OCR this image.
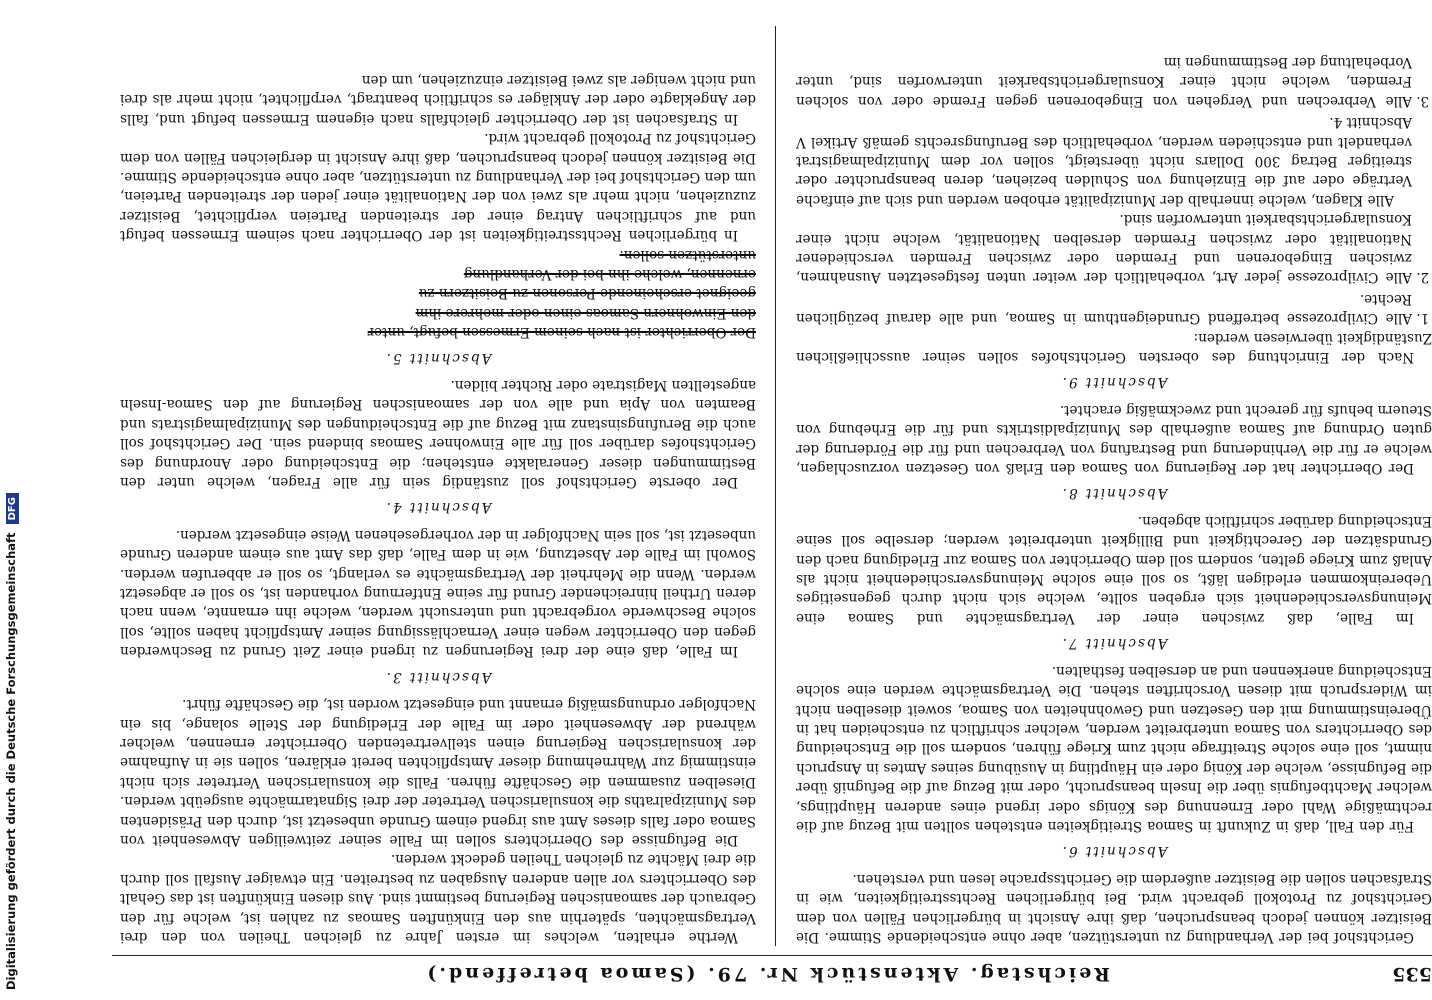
535
Reichstag. Aktenstück Nr. 79. (Samoa betreffend.)

Gerichtshof bei der Verhandlung zu unterstützen, aber ohne entscheidende Stimme. Die Beisitzer können jedoch beanspruchen, daß ihre Ansicht in bürgerlichen Fällen von dem Gerichtshof zu Protokoll gebracht wird. Bei bürgerlichen Rechtsstreitigkeiten, wie in Strafsachen sollen die Beisitzer außerdem die Gerichtssprache lesen und verstehen.

Abschnitt 6.

Für den Fall, daß in Zukunft in Samoa Streitigkeiten entstehen sollten mit Bezug auf die rechtmäßige Wahl oder Ernennung des Königs oder irgend eines anderen Häuptlings, welcher Machtbefugnis über die Inseln beansprucht, oder mit Bezug auf die Befugniß über die Befugnisse, welche der König oder ein Häuptling in Ausübung seines Amtes in Anspruch nimmt, soll eine solche Streitfrage nicht zum Kriege führen, sondern soll die Entscheidung des Oberrichters von Samoa unterbreitet werden, welcher schriftlich zu entscheiden hat in Übereinstimmung mit den Gesetzen und Gewohnheiten von Samoa, soweit dieselben nicht im Widerspruch mit diesen Vorschriften stehen. Die Vertragsmächte werden eine solche Entscheidung anerkennen und an derselben festhalten.

Abschnitt 7.

Im Falle, daß zwischen einer der Vertragsmächte und Samoa eine Meinungsverschiedenheit sich ergeben sollte, welche sich nicht durch gegenseitiges Uebereinkommen erledigen läßt, so soll eine solche Meinungsverschiedenheit nicht als Anlaß zum Kriege gelten, sondern soll dem Oberrichter von Samoa zur Erledigung nach den Grundsätzen der Gerechtigkeit und Billigkeit unterbreitet werden; derselbe soll seine Entscheidung darüber schriftlich abgeben.

Abschnitt 8.

Der Oberrichter hat der Regierung von Samoa den Erlaß von Gesetzen vorzuschlagen, welche er für die Verhinderung und Bestrafung von Verbrechen und für die Förderung der guten Ordnung auf Samoa außerhalb des Munizipaldistrikts und für die Erhebung von Steuern behufs für gerecht und zweckmäßig erachtet.

Abschnitt 9.

Nach der Einrichtung des obersten Gerichtshofes sollen seiner ausschließlichen Zuständigkeit überwiesen werden:

1. Alle Civilprozesse betreffend Grundeigenthum in Samoa, und alle darauf bezüglichen Rechte.
2. Alle Civilprozesse jeder Art, vorbehaltlich der weiter unten festgesetzten Ausnahmen, zwischen Eingeborenen und Fremden oder zwischen Fremden verschiedener Nationalität oder zwischen Fremden derselben Nationalität, welche nicht einer Konsulargerichtsbarkeit unterworfen sind.

Alle Klagen, welche innerhalb der Munizipalität erhoben werden und sich auf einfache Verträge oder auf die Einziehung von Schulden beziehen, deren beanspruchter oder streitiger Betrag 300 Dollars nicht übersteigt, sollen vor dem Munizipalmagistrat verhandelt und entschieden werden, vorbehaltlich des Berufungsrechts gemäß Artikel V Abschnitt 4.

3. Alle Verbrechen und Vergehen von Eingeborenen gegen Fremde oder von solchen Fremden, welche nicht einer Konsulargerichtsbarkeit unterworfen sind, unter Vorbehaltung der Bestimmungen im

Werthe erhalten, welches im ersten Jahre zu gleichen Theilen von den drei Vertragsmächten, späterhin aus den Einkünften Samoas zu zahlen ist, welche für den Gebrauch der samoanischen Regierung bestimmt sind. Aus diesen Einkünften ist das Gehalt des Oberrichters vor allen anderen Ausgaben zu bestreiten. Ein etwaiger Ausfall soll durch die drei Mächte zu gleichen Theilen gedeckt werden.

Die Befugnisse des Oberrichters sollen im Falle seiner zeitweiligen Abwesenheit von Samoa oder falls dieses Amt aus irgend einem Grunde unbesetzt ist, durch den Präsidenten des Munizipalraths die konsularischen Vertreter der drei Signatarmächte ausgeübt werden. Dieselben zusammen die Geschäfte führen. Falls die konsularischen Vertreter sich nicht einstimmig zur Wahrnehmung dieser Amtspflichten bereit erklären, sollen sie in Aufnahme der konsularischen Regierung einen stellvertretenden Oberrichter ernennen, welcher während der Abwesenheit oder im Falle der Erledigung der Stelle solange, bis ein Nachfolger ordnungsmäßig ernannt und eingesetzt worden ist, die Geschäfte führt.

Abschnitt 3.

Im Falle, daß eine der drei Regierungen zu irgend einer Zeit Grund zu Beschwerden gegen den Oberrichter wegen einer Vernachlässigung seiner Amtspflicht haben sollte, soll solche Beschwerde vorgebracht und untersucht werden, welche ihn ernannte, wenn nach deren Urtheil hinreichender Grund für seine Entfernung vorhanden ist, so soll er abgesetzt werden. Wenn die Mehrheit der Vertragsmächte es verlangt, so soll er abberufen werden. Sowohl im Falle der Absetzung, wie in dem Falle, daß das Amt aus einem anderen Grunde unbesetzt ist, soll sein Nachfolger in der vorhergesehenen Weise eingesetzt werden.

Abschnitt 4.

Der oberste Gerichtshof soll zuständig sein für alle Fragen, welche unter den Bestimmungen dieser Generalakte entstehen; die Entscheidung oder Anordnung des Gerichtshofes darüber soll für alle Einwohner Samoas bindend sein. Der Gerichtshof soll auch die Berufungsinstanz mit Bezug auf die Entscheidungen des Munizipalmagistrats und Beamten von Apia und alle von der samoanischen Regierung auf den Samoa-Inseln angestellten Magistrate oder Richter bilden.

Abschnitt 5.

Der Oberrichter ist nach seinem Ermessen befugt, unter
den Einwohnern Samoas einen oder mehrere ihm
geeignet erscheinende Personen zu Beisitzern zu
ernennen, welche ihn bei der Verhandlung
unterstützen sollen.

In bürgerlichen Rechtsstreitigkeiten ist der Oberrichter nach seinem Ermessen befugt und auf schriftlichen Antrag einer der streitenden Parteien verpflichtet, Beisitzer zuzuziehen, nicht mehr als zwei von der Nationalität einer jeden der streitenden Parteien, um den Gerichtshof bei der Verhandlung zu unterstützen, aber ohne entscheidende Stimme. Die Beisitzer können jedoch beanspruchen, daß ihre Ansicht in dergleichen Fällen von dem Gerichtshof zu Protokoll gebracht wird.

In Strafsachen ist der Oberrichter gleichfalls nach eigenem Ermessen befugt und, falls der Angeklagte oder der Ankläger es schriftlich beantragt, verpflichtet, nicht mehr als drei und nicht weniger als zwei Beisitzer einzuziehen, um den

Digitalisierung gefördert durch die Deutsche Forschungsgemeinschaft DFG
